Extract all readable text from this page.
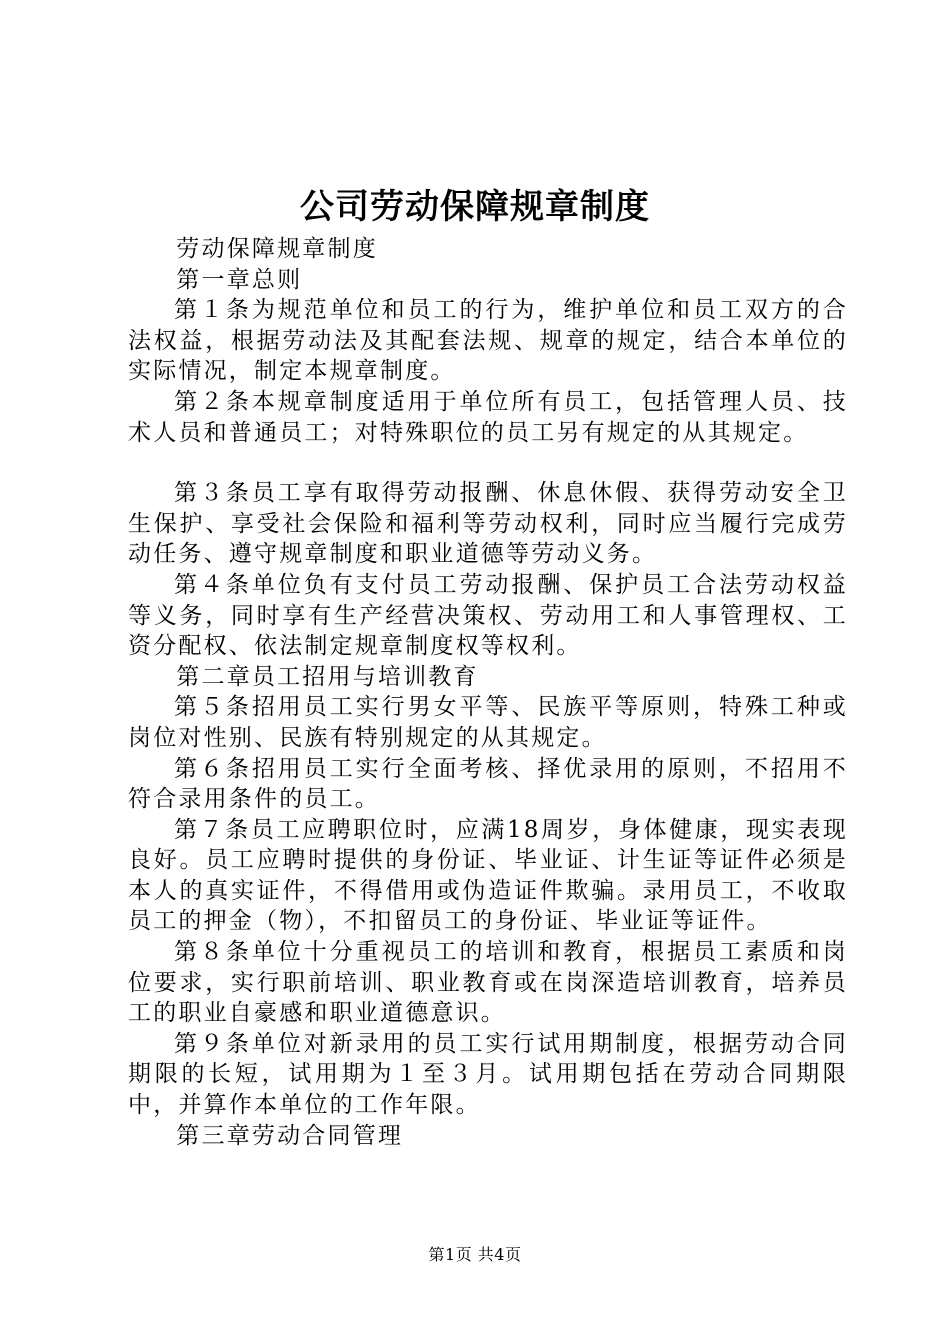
公司劳动保障规章制度

劳动保障规章制度

第一章总则

第１条为规范单位和员工的行为，维护单位和员工双方的合法权益，根据劳动法及其配套法规、规章的规定，结合本单位的实际情况，制定本规章制度。

第２条本规章制度适用于单位所有员工，包括管理人员、技术人员和普通员工；对特殊职位的员工另有规定的从其规定。

第３条员工享有取得劳动报酬、休息休假、获得劳动安全卫生保护、享受社会保险和福利等劳动权利，同时应当履行完成劳动任务、遵守规章制度和职业道德等劳动义务。

第４条单位负有支付员工劳动报酬、保护员工合法劳动权益等义务，同时享有生产经营决策权、劳动用工和人事管理权、工资分配权、依法制定规章制度权等权利。

第二章员工招用与培训教育

第５条招用员工实行男女平等、民族平等原则，特殊工种或岗位对性别、民族有特别规定的从其规定。

第６条招用员工实行全面考核、择优录用的原则，不招用不符合录用条件的员工。

第７条员工应聘职位时，应满18周岁，身体健康，现实表现良好。员工应聘时提供的身份证、毕业证、计生证等证件必须是本人的真实证件，不得借用或伪造证件欺骗。录用员工，不收取员工的押金（物），不扣留员工的身份证、毕业证等证件。

第８条单位十分重视员工的培训和教育，根据员工素质和岗位要求，实行职前培训、职业教育或在岗深造培训教育，培养员工的职业自豪感和职业道德意识。

第９条单位对新录用的员工实行试用期制度，根据劳动合同期限的长短，试用期为１至３月。试用期包括在劳动合同期限中，并算作本单位的工作年限。

第三章劳动合同管理

第1页 共4页
